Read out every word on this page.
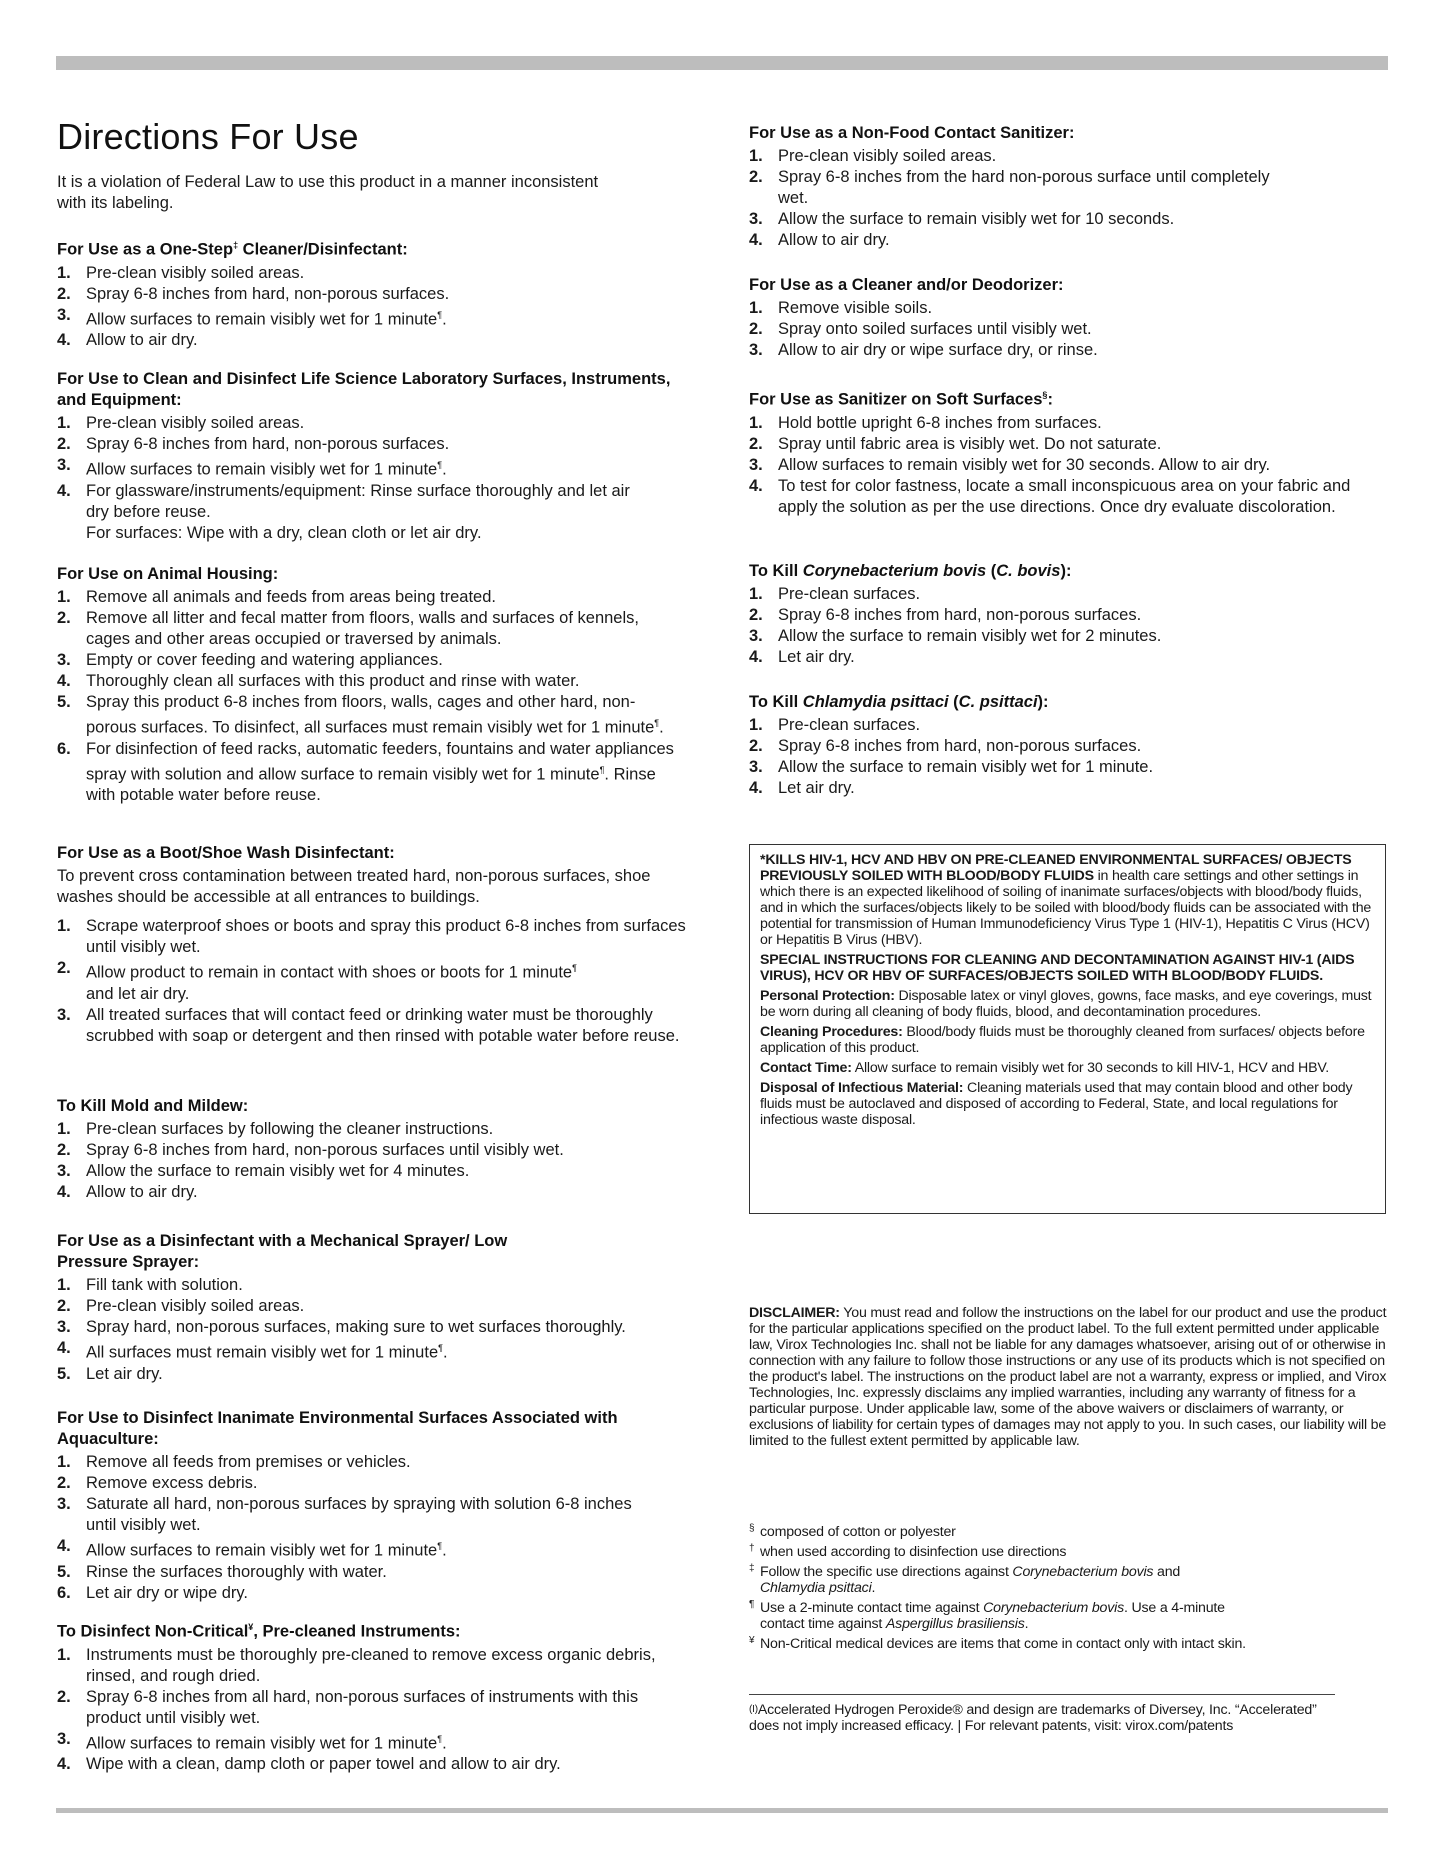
Directions For Use
It is a violation of Federal Law to use this product in a manner inconsistent with its labeling.
For Use as a One-Step‡ Cleaner/Disinfectant:
1. Pre-clean visibly soiled areas.
2. Spray 6-8 inches from hard, non-porous surfaces.
3. Allow surfaces to remain visibly wet for 1 minute¶.
4. Allow to air dry.
For Use to Clean and Disinfect Life Science Laboratory Surfaces, Instruments, and Equipment:
1. Pre-clean visibly soiled areas.
2. Spray 6-8 inches from hard, non-porous surfaces.
3. Allow surfaces to remain visibly wet for 1 minute¶.
4. For glassware/instruments/equipment: Rinse surface thoroughly and let air dry before reuse.
For surfaces: Wipe with a dry, clean cloth or let air dry.
For Use on Animal Housing:
1. Remove all animals and feeds from areas being treated.
2. Remove all litter and fecal matter from floors, walls and surfaces of kennels, cages and other areas occupied or traversed by animals.
3. Empty or cover feeding and watering appliances.
4. Thoroughly clean all surfaces with this product and rinse with water.
5. Spray this product 6-8 inches from floors, walls, cages and other hard, non-porous surfaces. To disinfect, all surfaces must remain visibly wet for 1 minute¶.
6. For disinfection of feed racks, automatic feeders, fountains and water appliances spray with solution and allow surface to remain visibly wet for 1 minute¶. Rinse with potable water before reuse.
For Use as a Boot/Shoe Wash Disinfectant:

To prevent cross contamination between treated hard, non-porous surfaces, shoe washes should be accessible at all entrances to buildings.

1. Scrape waterproof shoes or boots and spray this product 6-8 inches from surfaces until visibly wet.
2. Allow product to remain in contact with shoes or boots for 1 minute¶
and let air dry.
3. All treated surfaces that will contact feed or drinking water must be thoroughly scrubbed with soap or detergent and then rinsed with potable water before reuse.
To Kill Mold and Mildew:
1. Pre-clean surfaces by following the cleaner instructions.
2. Spray 6-8 inches from hard, non-porous surfaces until visibly wet.
3. Allow the surface to remain visibly wet for 4 minutes.
4. Allow to air dry.
For Use as a Disinfectant with a Mechanical Sprayer/ Low Pressure Sprayer:
1. Fill tank with solution.
2. Pre-clean visibly soiled areas.
3. Spray hard, non-porous surfaces, making sure to wet surfaces thoroughly.
4. All surfaces must remain visibly wet for 1 minute¶.
5. Let air dry.
For Use to Disinfect Inanimate Environmental Surfaces Associated with Aquaculture:
1. Remove all feeds from premises or vehicles.
2. Remove excess debris.
3. Saturate all hard, non-porous surfaces by spraying with solution 6-8 inches until visibly wet.
4. Allow surfaces to remain visibly wet for 1 minute¶.
5. Rinse the surfaces thoroughly with water.
6. Let air dry or wipe dry.
To Disinfect Non-Critical¥, Pre-cleaned Instruments:
1. Instruments must be thoroughly pre-cleaned to remove excess organic debris, rinsed, and rough dried.
2. Spray 6-8 inches from all hard, non-porous surfaces of instruments with this product until visibly wet.
3. Allow surfaces to remain visibly wet for 1 minute¶.
4. Wipe with a clean, damp cloth or paper towel and allow to air dry.
For Use as a Non-Food Contact Sanitizer:
1. Pre-clean visibly soiled areas.
2. Spray 6-8 inches from the hard non-porous surface until completely wet.
3. Allow the surface to remain visibly wet for 10 seconds.
4. Allow to air dry.
For Use as a Cleaner and/or Deodorizer:
1. Remove visible soils.
2. Spray onto soiled surfaces until visibly wet.
3. Allow to air dry or wipe surface dry, or rinse.
For Use as Sanitizer on Soft Surfaces§:
1. Hold bottle upright 6-8 inches from surfaces.
2. Spray until fabric area is visibly wet. Do not saturate.
3. Allow surfaces to remain visibly wet for 30 seconds. Allow to air dry.
4. To test for color fastness, locate a small inconspicuous area on your fabric and apply the solution as per the use directions. Once dry evaluate discoloration.
To Kill Corynebacterium bovis (C. bovis):
1. Pre-clean surfaces.
2. Spray 6-8 inches from hard, non-porous surfaces.
3. Allow the surface to remain visibly wet for 2 minutes.
4. Let air dry.
To Kill Chlamydia psittaci (C. psittaci):
1. Pre-clean surfaces.
2. Spray 6-8 inches from hard, non-porous surfaces.
3. Allow the surface to remain visibly wet for 1 minute.
4. Let air dry.

*KILLS HIV-1, HCV AND HBV ON PRE-CLEANED ENVIRONMENTAL SURFACES/ OBJECTS PREVIOUSLY SOILED WITH BLOOD/BODY FLUIDS in health care settings and other settings in which there is an expected likelihood of soiling of inanimate surfaces/objects with blood/body fluids, and in which the surfaces/objects likely to be soiled with blood/body fluids can be associated with the potential for transmission of Human Immunodeficiency Virus Type 1 (HIV-1), Hepatitis C Virus (HCV) or Hepatitis B Virus (HBV).

SPECIAL INSTRUCTIONS FOR CLEANING AND DECONTAMINATION AGAINST HIV-1 (AIDS VIRUS), HCV OR HBV OF SURFACES/OBJECTS SOILED WITH BLOOD/BODY FLUIDS.

Personal Protection: Disposable latex or vinyl gloves, gowns, face masks, and eye coverings, must be worn during all cleaning of body fluids, blood, and decontamination procedures.

Cleaning Procedures: Blood/body fluids must be thoroughly cleaned from surfaces/ objects before application of this product.

Contact Time: Allow surface to remain visibly wet for 30 seconds to kill HIV-1, HCV and HBV.

Disposal of Infectious Material: Cleaning materials used that may contain blood and other body fluids must be autoclaved and disposed of according to Federal, State, and local regulations for infectious waste disposal.

DISCLAIMER: You must read and follow the instructions on the label for our product and use the product for the particular applications specified on the product label. To the full extent permitted under applicable law, Virox Technologies Inc. shall not be liable for any damages whatsoever, arising out of or otherwise in connection with any failure to follow those instructions or any use of its products which is not specified on the product's label. The instructions on the product label are not a warranty, express or implied, and Virox Technologies, Inc. expressly disclaims any implied warranties, including any warranty of fitness for a particular purpose. Under applicable law, some of the above waivers or disclaimers of warranty, or exclusions of liability for certain types of damages may not apply to you. In such cases, our liability will be limited to the fullest extent permitted by applicable law.
§ composed of cotton or polyester
† when used according to disinfection use directions
‡ Follow the specific use directions against Corynebacterium bovis and
Chlamydia psittaci.
¶ Use a 2-minute contact time against Corynebacterium bovis. Use a 4-minute contact time against Aspergillus brasiliensis.
¥ Non-Critical medical devices are items that come in contact only with intact skin.
$^{(I)}$Accelerated Hydrogen Peroxide® and design are trademarks of Diversey, Inc. “Accelerated” does not imply increased efficacy. | For relevant patents, visit: virox.com/patents
